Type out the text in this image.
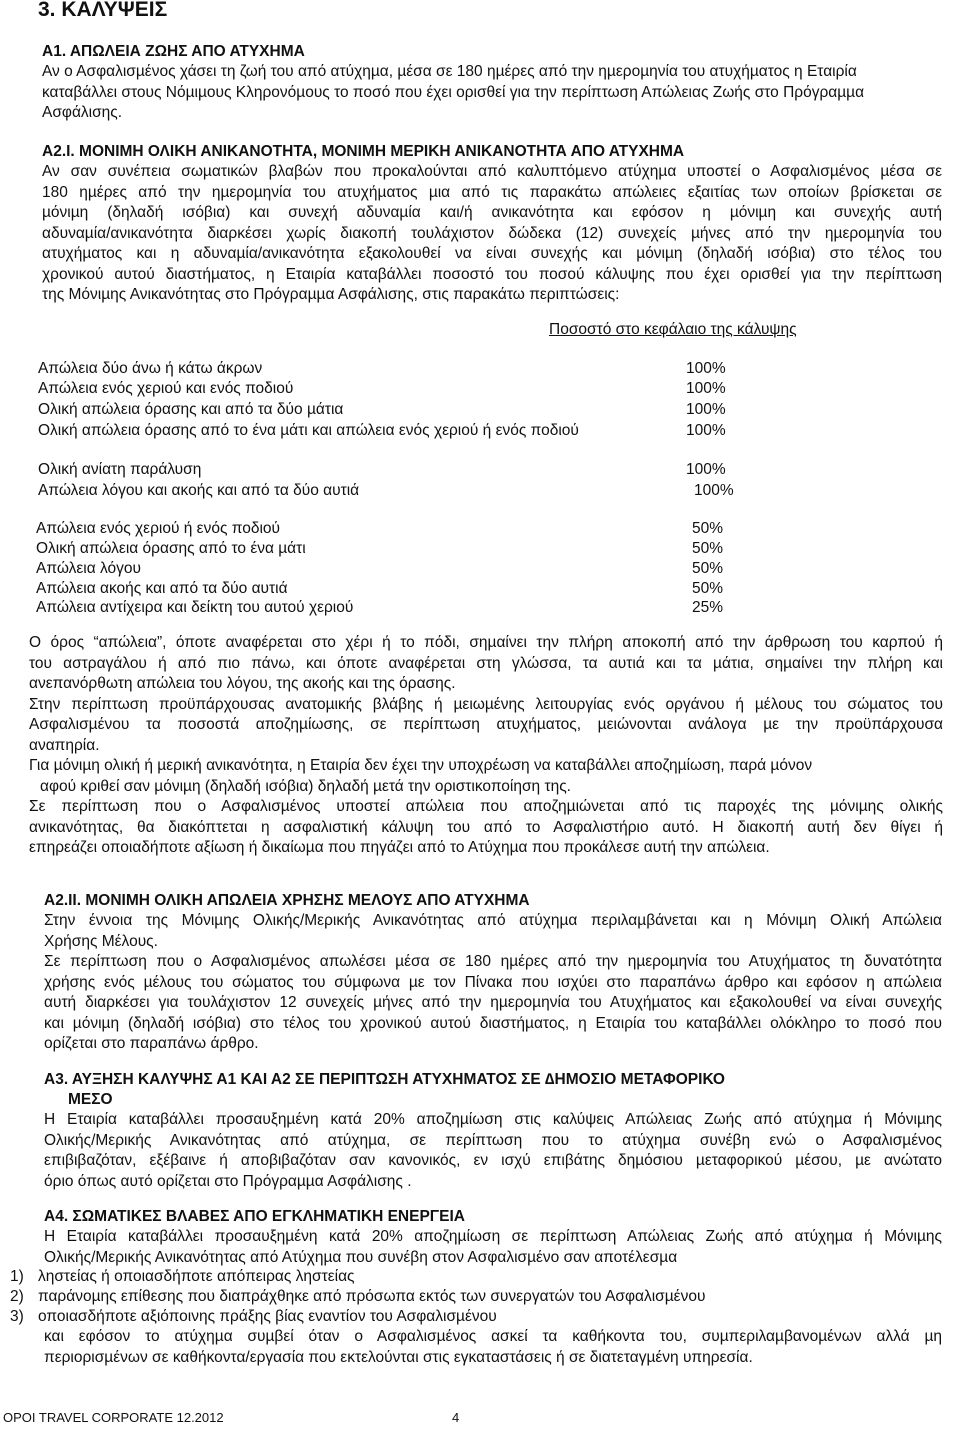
3. ΚΑΛΥΨΕΙΣ
Α1. ΑΠΩΛΕΙΑ ΖΩΗΣ ΑΠΟ ΑΤΥΧΗΜΑ
Αν ο Ασφαλισµένος χάσει τη ζωή του από ατύχηµα, µέσα σε 180 ηµέρες από την ηµεροµηνία του ατυχήµατος η Εταιρία
καταβάλλει στους Νόµιµους Κληρονόµους το ποσό που έχει ορισθεί για την περίπτωση Απώλειας Ζωής στο Πρόγραµµα
Ασφάλισης.
Α2.Ι. ΜΟΝΙΜΗ ΟΛΙΚΗ ΑΝΙΚΑΝΟΤΗΤΑ, ΜΟΝΙΜΗ ΜΕΡΙΚΗ ΑΝΙΚΑΝΟΤΗΤΑ ΑΠΟ ΑΤΥΧΗΜΑ
Αν σαν συνέπεια σωµατικών βλαβών που προκαλούνται από καλυπτόµενο ατύχηµα υποστεί ο Ασφαλισµένος µέσα σε
180 ηµέρες από την ηµεροµηνία του ατυχήµατος µια από τις παρακάτω απώλειες εξαιτίας των οποίων βρίσκεται σε
µόνιµη (δηλαδή ισόβια) και συνεχή αδυναµία και/ή ανικανότητα και εφόσον η µόνιµη και συνεχής αυτή
αδυναµία/ανικανότητα διαρκέσει χωρίς διακοπή τουλάχιστον δώδεκα (12) συνεχείς µήνες από την ηµεροµηνία του
ατυχήµατος και η αδυναµία/ανικανότητα εξακολουθεί να είναι συνεχής και µόνιµη (δηλαδή ισόβια) στο τέλος του
χρονικού αυτού διαστήµατος, η Εταιρία καταβάλλει ποσοστό του ποσού κάλυψης που έχει ορισθεί για την περίπτωση
της Μόνιµης Ανικανότητας στο Πρόγραµµα Ασφάλισης, στις παρακάτω περιπτώσεις:
Ποσοστό στο κεφάλαιο της κάλυψης
Απώλεια δύο άνω ή κάτω άκρων	100%
Απώλεια ενός χεριού και ενός ποδιού	100%
Ολική απώλεια όρασης και από τα δύο µάτια	100%
Ολική απώλεια όρασης από το ένα µάτι και απώλεια ενός χεριού ή ενός ποδιού	100%
Ολική ανίατη παράλυση	100%
Απώλεια λόγου και ακοής και από τα δύο αυτιά	100%
Απώλεια ενός χεριού ή ενός ποδιού	50%
Ολική απώλεια όρασης από το ένα µάτι	50%
Απώλεια λόγου	50%
Απώλεια ακοής και από τα δύο αυτιά	50%
Απώλεια αντίχειρα και δείκτη του αυτού χεριού	25%
Ο όρος “απώλεια”, όποτε αναφέρεται στο χέρι ή το πόδι, σηµαίνει την πλήρη αποκοπή από την άρθρωση του καρπού ή
του αστραγάλου ή από πιο πάνω, και όποτε αναφέρεται στη γλώσσα, τα αυτιά και τα µάτια, σηµαίνει την πλήρη και
ανεπανόρθωτη απώλεια του λόγου, της ακοής και της όρασης.
Στην περίπτωση προϋπάρχουσας ανατοµικής βλάβης ή µειωµένης λειτουργίας ενός οργάνου ή µέλους του σώµατος του
Ασφαλισµένου τα ποσοστά αποζηµίωσης, σε περίπτωση ατυχήµατος, µειώνονται ανάλογα µε την προϋπάρχουσα
αναπηρία.
Για µόνιµη ολική ή µερική ανικανότητα, η Εταιρία δεν έχει την υποχρέωση να καταβάλλει αποζηµίωση, παρά µόνον
αφού κριθεί σαν µόνιµη (δηλαδή ισόβια) δηλαδή µετά την οριστικοποίηση της.
Σε περίπτωση που ο Ασφαλισµένος υποστεί απώλεια που αποζηµιώνεται από τις παροχές της µόνιµης ολικής
ανικανότητας, θα διακόπτεται η ασφαλιστική κάλυψη του από το Ασφαλιστήριο αυτό. Η διακοπή αυτή δεν θίγει ή
επηρεάζει οποιαδήποτε αξίωση ή δικαίωµα που πηγάζει από το Ατύχηµα που προκάλεσε αυτή την απώλεια.
Α2.ΙΙ. ΜΟΝΙΜΗ ΟΛΙΚΗ ΑΠΩΛΕΙΑ ΧΡΗΣΗΣ ΜΕΛΟΥΣ ΑΠΟ ΑΤΥΧΗΜΑ
Στην έννοια της Μόνιµης Ολικής/Μερικής Ανικανότητας από ατύχηµα περιλαµβάνεται και η Μόνιµη Ολική Απώλεια
Χρήσης Μέλους.
Σε περίπτωση που ο Ασφαλισµένος απωλέσει µέσα σε 180 ηµέρες από την ηµεροµηνία του Ατυχήµατος τη δυνατότητα
χρήσης ενός µέλους του σώµατος του σύµφωνα µε τον Πίνακα που ισχύει στο παραπάνω άρθρο και εφόσον η απώλεια
αυτή διαρκέσει για τουλάχιστον 12 συνεχείς µήνες από την ηµεροµηνία του Ατυχήµατος και εξακολουθεί να είναι συνεχής
και µόνιµη (δηλαδή ισόβια) στο τέλος του χρονικού αυτού διαστήµατος, η Εταιρία του καταβάλλει ολόκληρο το ποσό που
ορίζεται στο παραπάνω άρθρο.
Α3. ΑΥΞΗΣΗ ΚΑΛΥΨΗΣ Α1 ΚΑΙ Α2 ΣΕ ΠΕΡΙΠΤΩΣΗ ΑΤΥΧΗΜΑΤΟΣ ΣΕ ∆ΗΜΟΣΙΟ ΜΕΤΑΦΟΡΙΚΟ
ΜΕΣΟ
Η Εταιρία καταβάλλει προσαυξηµένη κατά 20% αποζηµίωση στις καλύψεις Απώλειας Ζωής από ατύχηµα ή Μόνιµης
Ολικής/Μερικής Ανικανότητας από ατύχηµα, σε περίπτωση που το ατύχηµα συνέβη ενώ ο Ασφαλισµένος
επιβιβαζόταν, εξέβαινε ή αποβιβαζόταν σαν κανονικός, εν ισχύ επιβάτης δηµόσιου µεταφορικού µέσου, µε ανώτατο
όριο όπως αυτό ορίζεται στο Πρόγραµµα Ασφάλισης .
Α4. ΣΩΜΑΤΙΚΕΣ ΒΛΑΒΕΣ ΑΠΟ ΕΓΚΛΗΜΑΤΙΚΗ ΕΝΕΡΓΕΙΑ
Η Εταιρία καταβάλλει προσαυξηµένη κατά 20% αποζηµίωση σε περίπτωση Απώλειας Ζωής από ατύχηµα ή Μόνιµης
Ολικής/Μερικής Ανικανότητας από Ατύχηµα που συνέβη στον Ασφαλισµένο σαν αποτέλεσµα
1) ληστείας ή οποιασδήποτε απόπειρας ληστείας
2) παράνοµης επίθεσης που διαπράχθηκε από πρόσωπα εκτός των συνεργατών του Ασφαλισµένου
3) οποιασδήποτε αξιόποινης πράξης βίας εναντίον του Ασφαλισµένου
και εφόσον το ατύχηµα συµβεί όταν ο Ασφαλισµένος ασκεί τα καθήκοντα του, συµπεριλαµβανοµένων αλλά µη
περιορισµένων σε καθήκοντα/εργασία που εκτελούνται στις εγκαταστάσεις ή σε διατεταγµένη υπηρεσία.
OPOI TRAVEL CORPORATE 12.2012	4
